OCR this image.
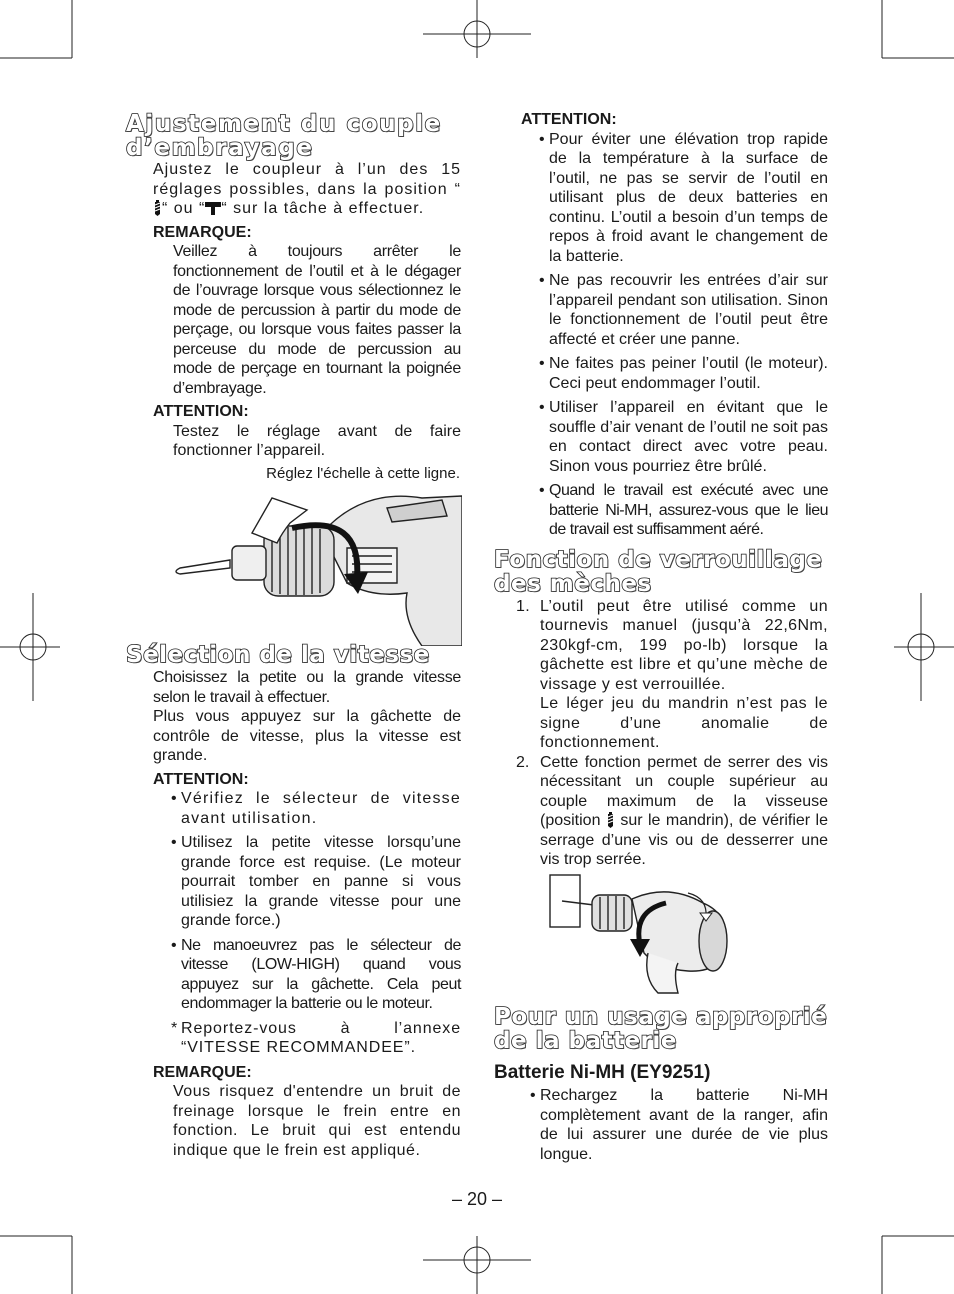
Ajustement du couple
d’embrayage

Ajustez le coupleur à l’un des 15 réglages possibles, dans la position ““ ou “ “ sur la tâche à effectuer.

REMARQUE:

Veillez à toujours arrêter le fonctionnement de l’outil et à le dégager de l’ouvrage lorsque vous sélectionnez le mode de percussion à partir du mode de perçage, ou lorsque vous faites passer la perceuse du mode de percussion au mode de perçage en tournant la poignée d’embrayage.

ATTENTION:

Testez le réglage avant de faire fonctionner l’appareil.

Réglez l'échelle à cette ligne.
Sélection de la vitesse

Choisissez la petite ou la grande vitesse selon le travail à effectuer.

Plus vous appuyez sur la gâchette de contrôle de vitesse, plus la vitesse est grande.

ATTENTION:

• Vérifiez le sélecteur de vitesse avant utilisation.
• Utilisez la petite vitesse lorsqu’une grande force est requise. (Le moteur pourrait tomber en panne si vous utilisiez la grande vitesse pour une grande force.)
• Ne manoeuvrez pas le sélecteur de vitesse (LOW-HIGH) quand vous appuyez sur la gâchette. Cela peut endommager la batterie ou le moteur.
* Reportez-vous à l’annexe “VITESSE RECOMMANDEE”.

REMARQUE:

Vous risquez d'entendre un bruit de freinage lorsque le frein entre en fonction. Le bruit qui est entendu indique que le frein est appliqué.

ATTENTION:

• Pour éviter une élévation trop rapide de la température à la surface de l’outil, ne pas se servir de l’outil en utilisant plus de deux batteries en continu. L’outil a besoin d’un temps de repos à froid avant le changement de la batterie.
• Ne pas recouvrir les entrées d’air sur l’appareil pendant son utilisation. Sinon le fonctionnement de l’outil peut être affecté et créer une panne.
• Ne faites pas peiner l’outil (le moteur). Ceci peut endommager l’outil.
• Utiliser l’appareil en évitant que le souffle d’air venant de l’outil ne soit pas en contact direct avec votre peau. Sinon vous pourriez être brûlé.
• Quand le travail est exécuté avec une batterie Ni-MH, assurez-vous que le lieu de travail est suffisamment aéré.
Fonction de verrouillage
des mèches
1. L’outil peut être utilisé comme un tournevis manuel (jusqu’à 22,6Nm, 230kgf-cm, 199 po-lb) lorsque la gâchette est libre et qu’une mèche de vissage y est verrouillée.
Le léger jeu du mandrin n’est pas le signe d’une anomalie de fonctionnement.
2. Cette fonction permet de serrer des vis nécessitant un couple supérieur au couple maximum de la visseuse (position  sur le mandrin), de vérifier le serrage d’une vis ou de desserrer une vis trop serrée.
Pour un usage approprié
de la batterie

Batterie Ni-MH (EY9251)

• Rechargez la batterie Ni-MH complètement avant de la ranger, afin de lui assurer une durée de vie plus longue.
– 20 –
